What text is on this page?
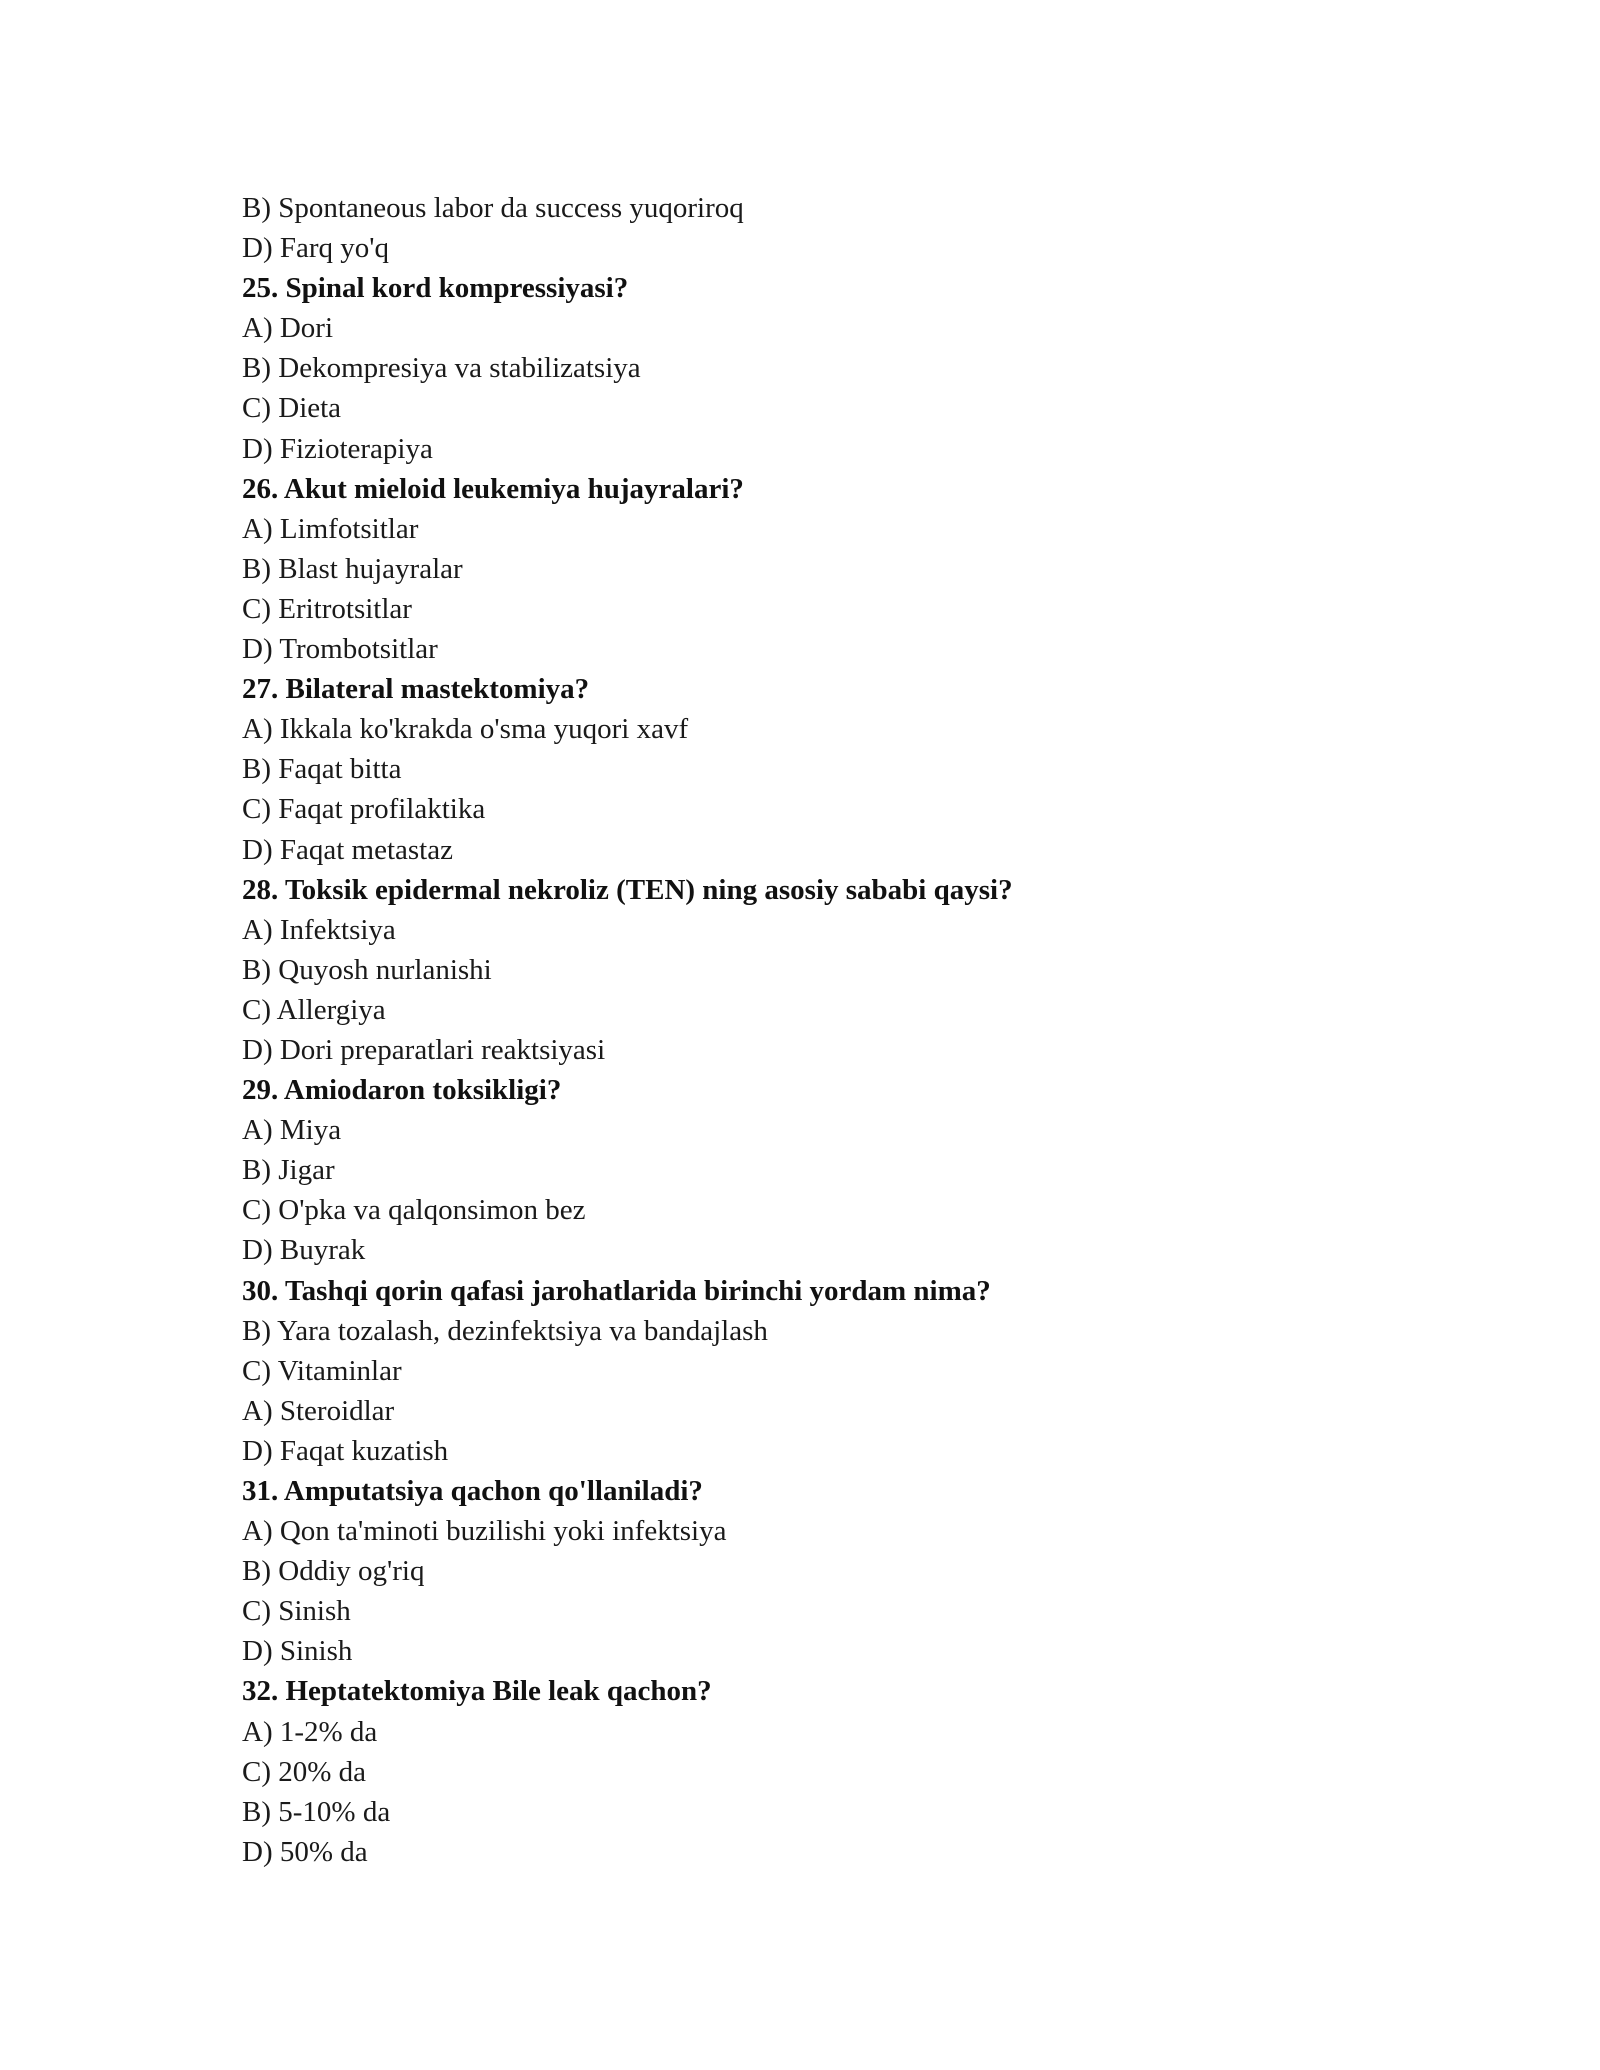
B) Spontaneous labor da success yuqoriroq
D) Farq yo'q
25. Spinal kord kompressiyasi?
A) Dori
B) Dekompresiya va stabilizatsiya
C) Dieta
D) Fizioterapiya
26. Akut mieloid leukemiya hujayralari?
A) Limfotsitlar
B) Blast hujayralar
C) Eritrotsitlar
D) Trombotsitlar
27. Bilateral mastektomiya?
A) Ikkala ko'krakda o'sma yuqori xavf
B) Faqat bitta
C) Faqat profilaktika
D) Faqat metastaz
28. Toksik epidermal nekroliz (TEN) ning asosiy sababi qaysi?
A) Infektsiya
B) Quyosh nurlanishi
C) Allergiya
D) Dori preparatlari reaktsiyasi
29. Amiodaron toksikligi?
A) Miya
B) Jigar
C) O'pka va qalqonsimon bez
D) Buyrak
30. Tashqi qorin qafasi jarohatlarida birinchi yordam nima?
B) Yara tozalash, dezinfektsiya va bandajlash
C) Vitaminlar
A) Steroidlar
D) Faqat kuzatish
31. Amputatsiya qachon qo'llaniladi?
A) Qon ta'minoti buzilishi yoki infektsiya
B) Oddiy og'riq
C) Sinish
D) Sinish
32. Heptatektomiya Bile leak qachon?
A) 1-2% da
C) 20% da
B) 5-10% da
D) 50% da
